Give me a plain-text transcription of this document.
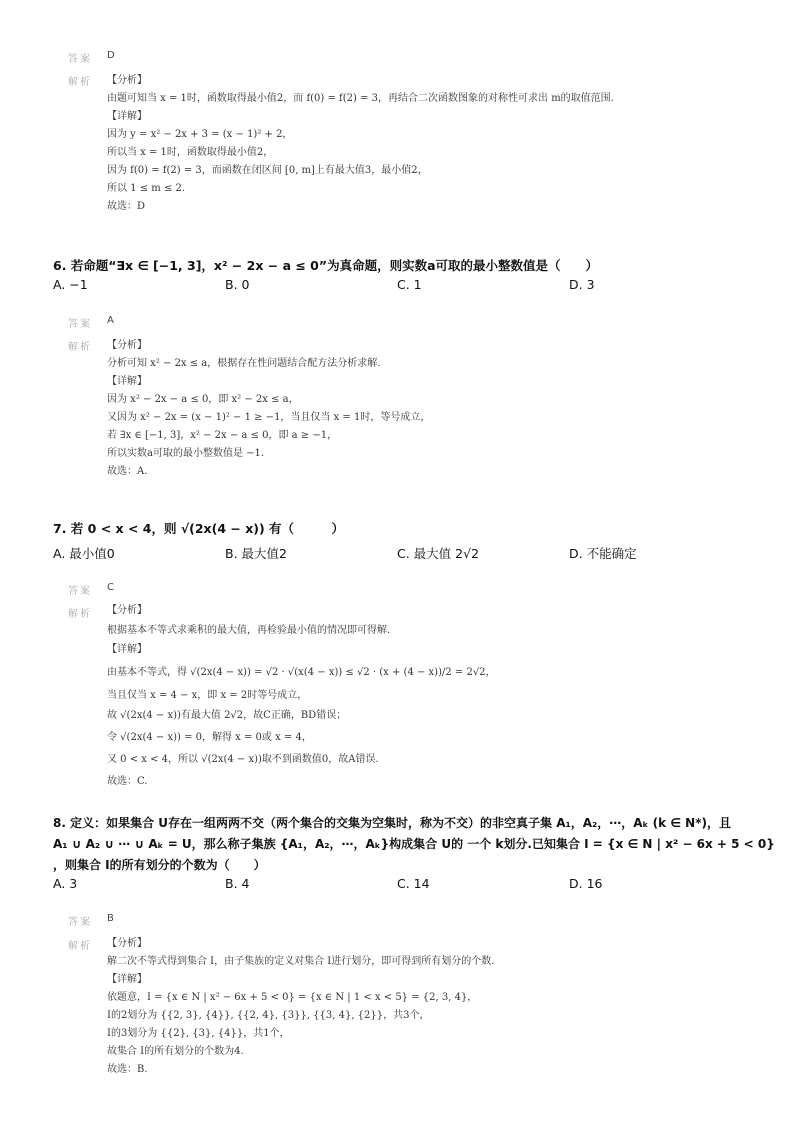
答案 D
解析 【分析】
由题可知当 x = 1时，函数取得最小值2，而 f(0) = f(2) = 3，再结合二次函数图象的对称性可求出 m的取值范围.
【详解】
因为 y = x² − 2x + 3 = (x − 1)² + 2，
所以当 x = 1时，函数取得最小值2，
因为 f(0) = f(2) = 3，而函数在闭区间 [0, m]上有最大值3，最小值2，
所以 1 ≤ m ≤ 2.
故选：D
6. 若命题“∃x ∈ [−1, 3]，x² − 2x − a ≤ 0”为真命题，则实数a可取的最小整数值是（　　）
A. −1	B. 0	C. 1	D. 3
答案 A
解析 【分析】
分析可知 x² − 2x ≤ a，根据存在性问题结合配方法分析求解.
【详解】
因为 x² − 2x − a ≤ 0，即 x² − 2x ≤ a，
又因为 x² − 2x = (x − 1)² − 1 ≥ −1，当且仅当 x = 1时，等号成立，
若 ∃x ∈ [−1, 3]，x² − 2x − a ≤ 0，即 a ≥ −1，
所以实数a可取的最小整数值是 −1.
故选：A.
7. 若 0 < x < 4，则 √(2x(4 − x)) 有（　　　）
A. 最小值0	B. 最大值2	C. 最大值 2√2	D. 不能确定
答案 C
解析 【分析】
根据基本不等式求乘积的最大值，再检验最小值的情况即可得解.
【详解】
由基本不等式，得 √(2x(4 − x)) = √2 · √(x(4 − x)) ≤ √2 · (x + (4 − x))/2 = 2√2，
当且仅当 x = 4 − x，即 x = 2时等号成立，
故 √(2x(4 − x))有最大值 2√2，故C正确，BD错误；
令 √(2x(4 − x)) = 0，解得 x = 0或 x = 4，
又 0 < x < 4，所以 √(2x(4 − x))取不到函数值0，故A错误.
故选：C.
8. 定义：如果集合 U存在一组两两不交（两个集合的交集为空集时，称为不交）的非空真子集 A₁，A₂，⋯，Aₖ (k ∈ N*)，且
A₁ ∪ A₂ ∪ ⋯ ∪ Aₖ = U，那么称子集族 {A₁，A₂，⋯，Aₖ}构成集合 U的 一个 k划分.已知集合 I = {x ∈ N | x² − 6x + 5 < 0}
，则集合 I的所有划分的个数为（　　）
A. 3	B. 4	C. 14	D. 16
答案 B
解析 【分析】
解二次不等式得到集合 I，由子集族的定义对集合 I进行划分，即可得到所有划分的个数.
【详解】
依题意，I = {x ∈ N | x² − 6x + 5 < 0} = {x ∈ N | 1 < x < 5} = {2, 3, 4}，
I的2划分为 {{2, 3}, {4}}, {{2, 4}, {3}}, {{3, 4}, {2}}，共3个，
I的3划分为 {{2}, {3}, {4}}，共1个，
故集合 I的所有划分的个数为4.
故选：B.
